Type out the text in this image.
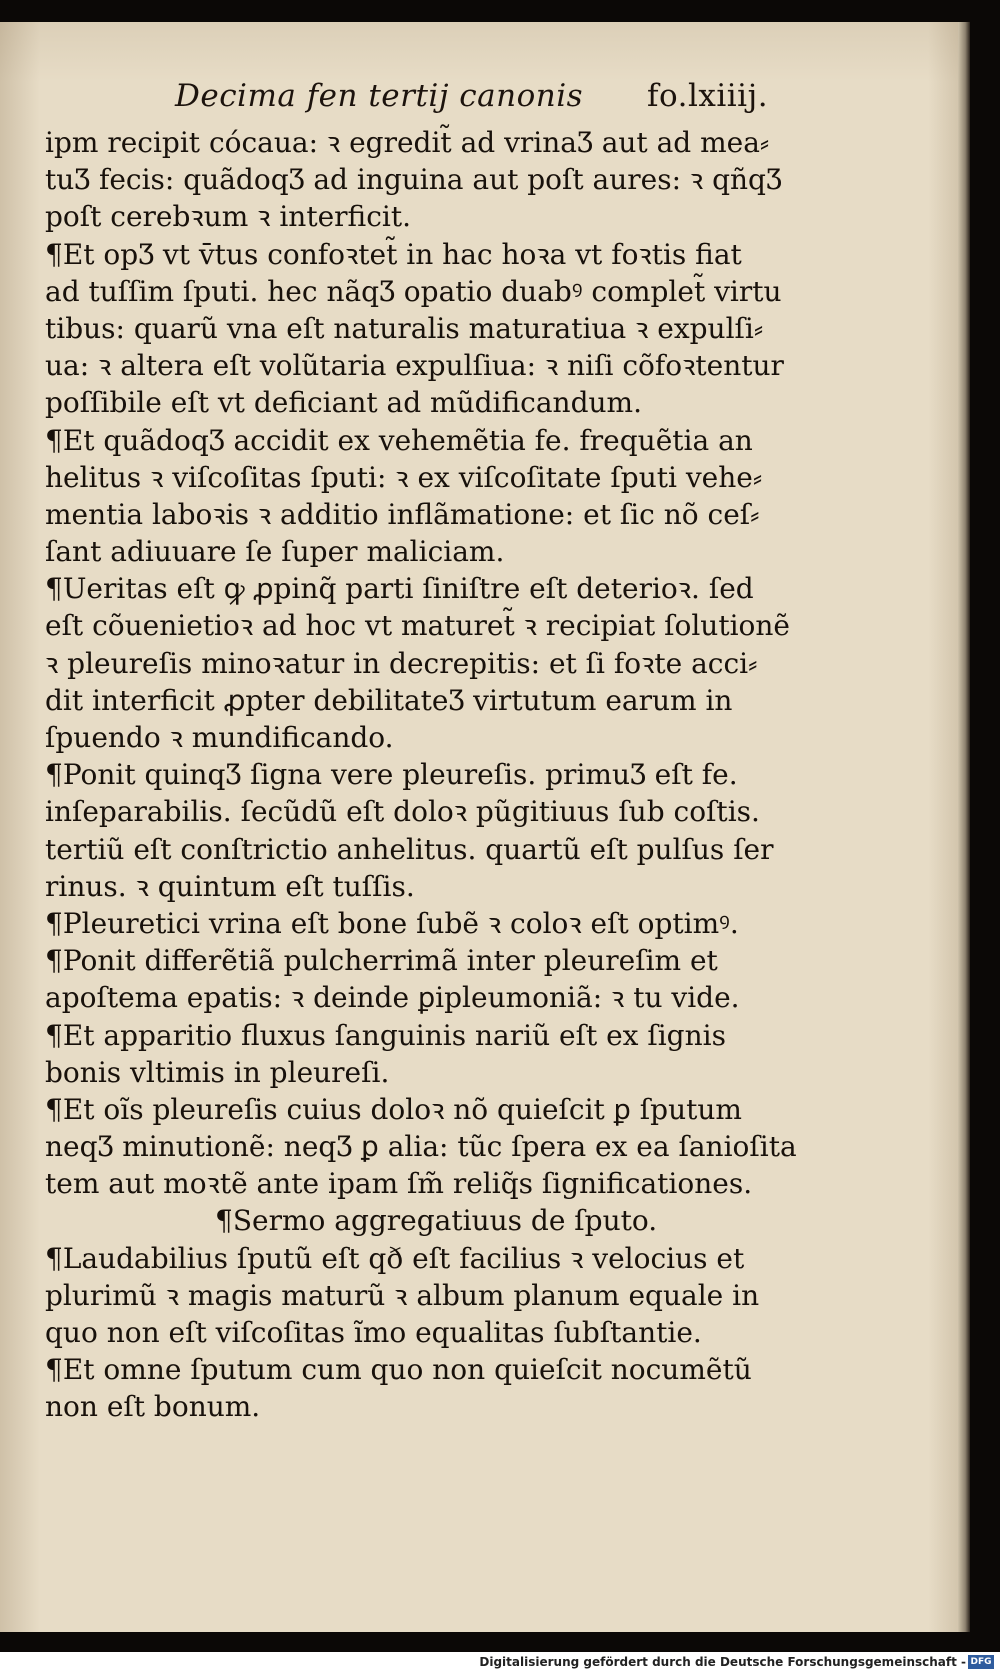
Decima fen tertij canonis fo.lxiiij.
ipm recipit cócaua: ꝛ egredit̃ ad vrinaƷ aut ad mea⸗
tuƷ fecis: quãdoqƷ ad inguina aut poſt aures: ꝛ qñqƷ
poſt cerebꝛum ꝛ interficit.
¶Et opƷ vt v̄tus confoꝛtet̃ in hac hoꝛa vt foꝛtis fiat
ad tuſſim ſputi. hec nãqƷ opatio duabꝰ complet̃ virtu
tibus: quarũ vna eſt naturalis maturatiua ꝛ expulſi⸗
ua: ꝛ altera eſt volũtaria expulſiua: ꝛ niſi cõfoꝛtentur
poſſibile eſt vt deficiant ad mũdificandum.
¶Et quãdoqƷ accidit ex vehemẽtia fe. frequẽtia an
helitus ꝛ viſcoſitas ſputi: ꝛ ex viſcoſitate ſputi vehe⸗
mentia laboꝛis ꝛ additio inflãmatione: et ſic nõ ceſ⸗
ſant adiuuare ſe ſuper maliciam.
¶Ueritas eſt ꝙ ꝓpinq̃ parti ſiniſtre eſt deterioꝛ. ſed
eſt cõuenietioꝛ ad hoc vt maturet̃ ꝛ recipiat ſolutionẽ
ꝛ pleureſis minoꝛatur in decrepitis: et ſi foꝛte acci⸗
dit interficit ꝓpter debilitateƷ virtutum earum in
ſpuendo ꝛ mundificando.
¶Ponit quinqƷ ſigna vere pleureſis. primuƷ eſt fe.
inſeparabilis. ſecũdũ eſt doloꝛ pũgitiuus ſub coſtis.
tertiũ eſt conſtrictio anhelitus. quartũ eſt pulſus ſer
rinus. ꝛ quintum eſt tuſſis.
¶Pleuretici vrina eſt bone ſubẽ ꝛ coloꝛ eſt optimꝰ.
¶Ponit differẽtiã pulcherrimã inter pleureſim et
apoſtema epatis: ꝛ deinde ꝑipleumoniã: ꝛ tu vide.
¶Et apparitio fluxus ſanguinis nariũ eſt ex ſignis
bonis vltimis in pleureſi.
¶Et oĩs pleureſis cuius doloꝛ nõ quieſcit ꝑ ſputum
neqƷ minutionẽ: neqƷ ꝑ alia: tũc ſpera ex ea ſanioſita
tem aut moꝛtẽ ante ipam ſm̃ reliq̃s ſignificationes.
¶Sermo aggregatiuus de ſputo.
¶Laudabilius ſputũ eſt qð eſt facilius ꝛ velocius et
plurimũ ꝛ magis maturũ ꝛ album planum equale in
quo non eſt viſcoſitas ĩmo equalitas ſubſtantie.
¶Et omne ſputum cum quo non quieſcit nocumẽtũ
non eſt bonum.
Digitalisierung gefördert durch die Deutsche Forschungsgemeinschaft - DFG
